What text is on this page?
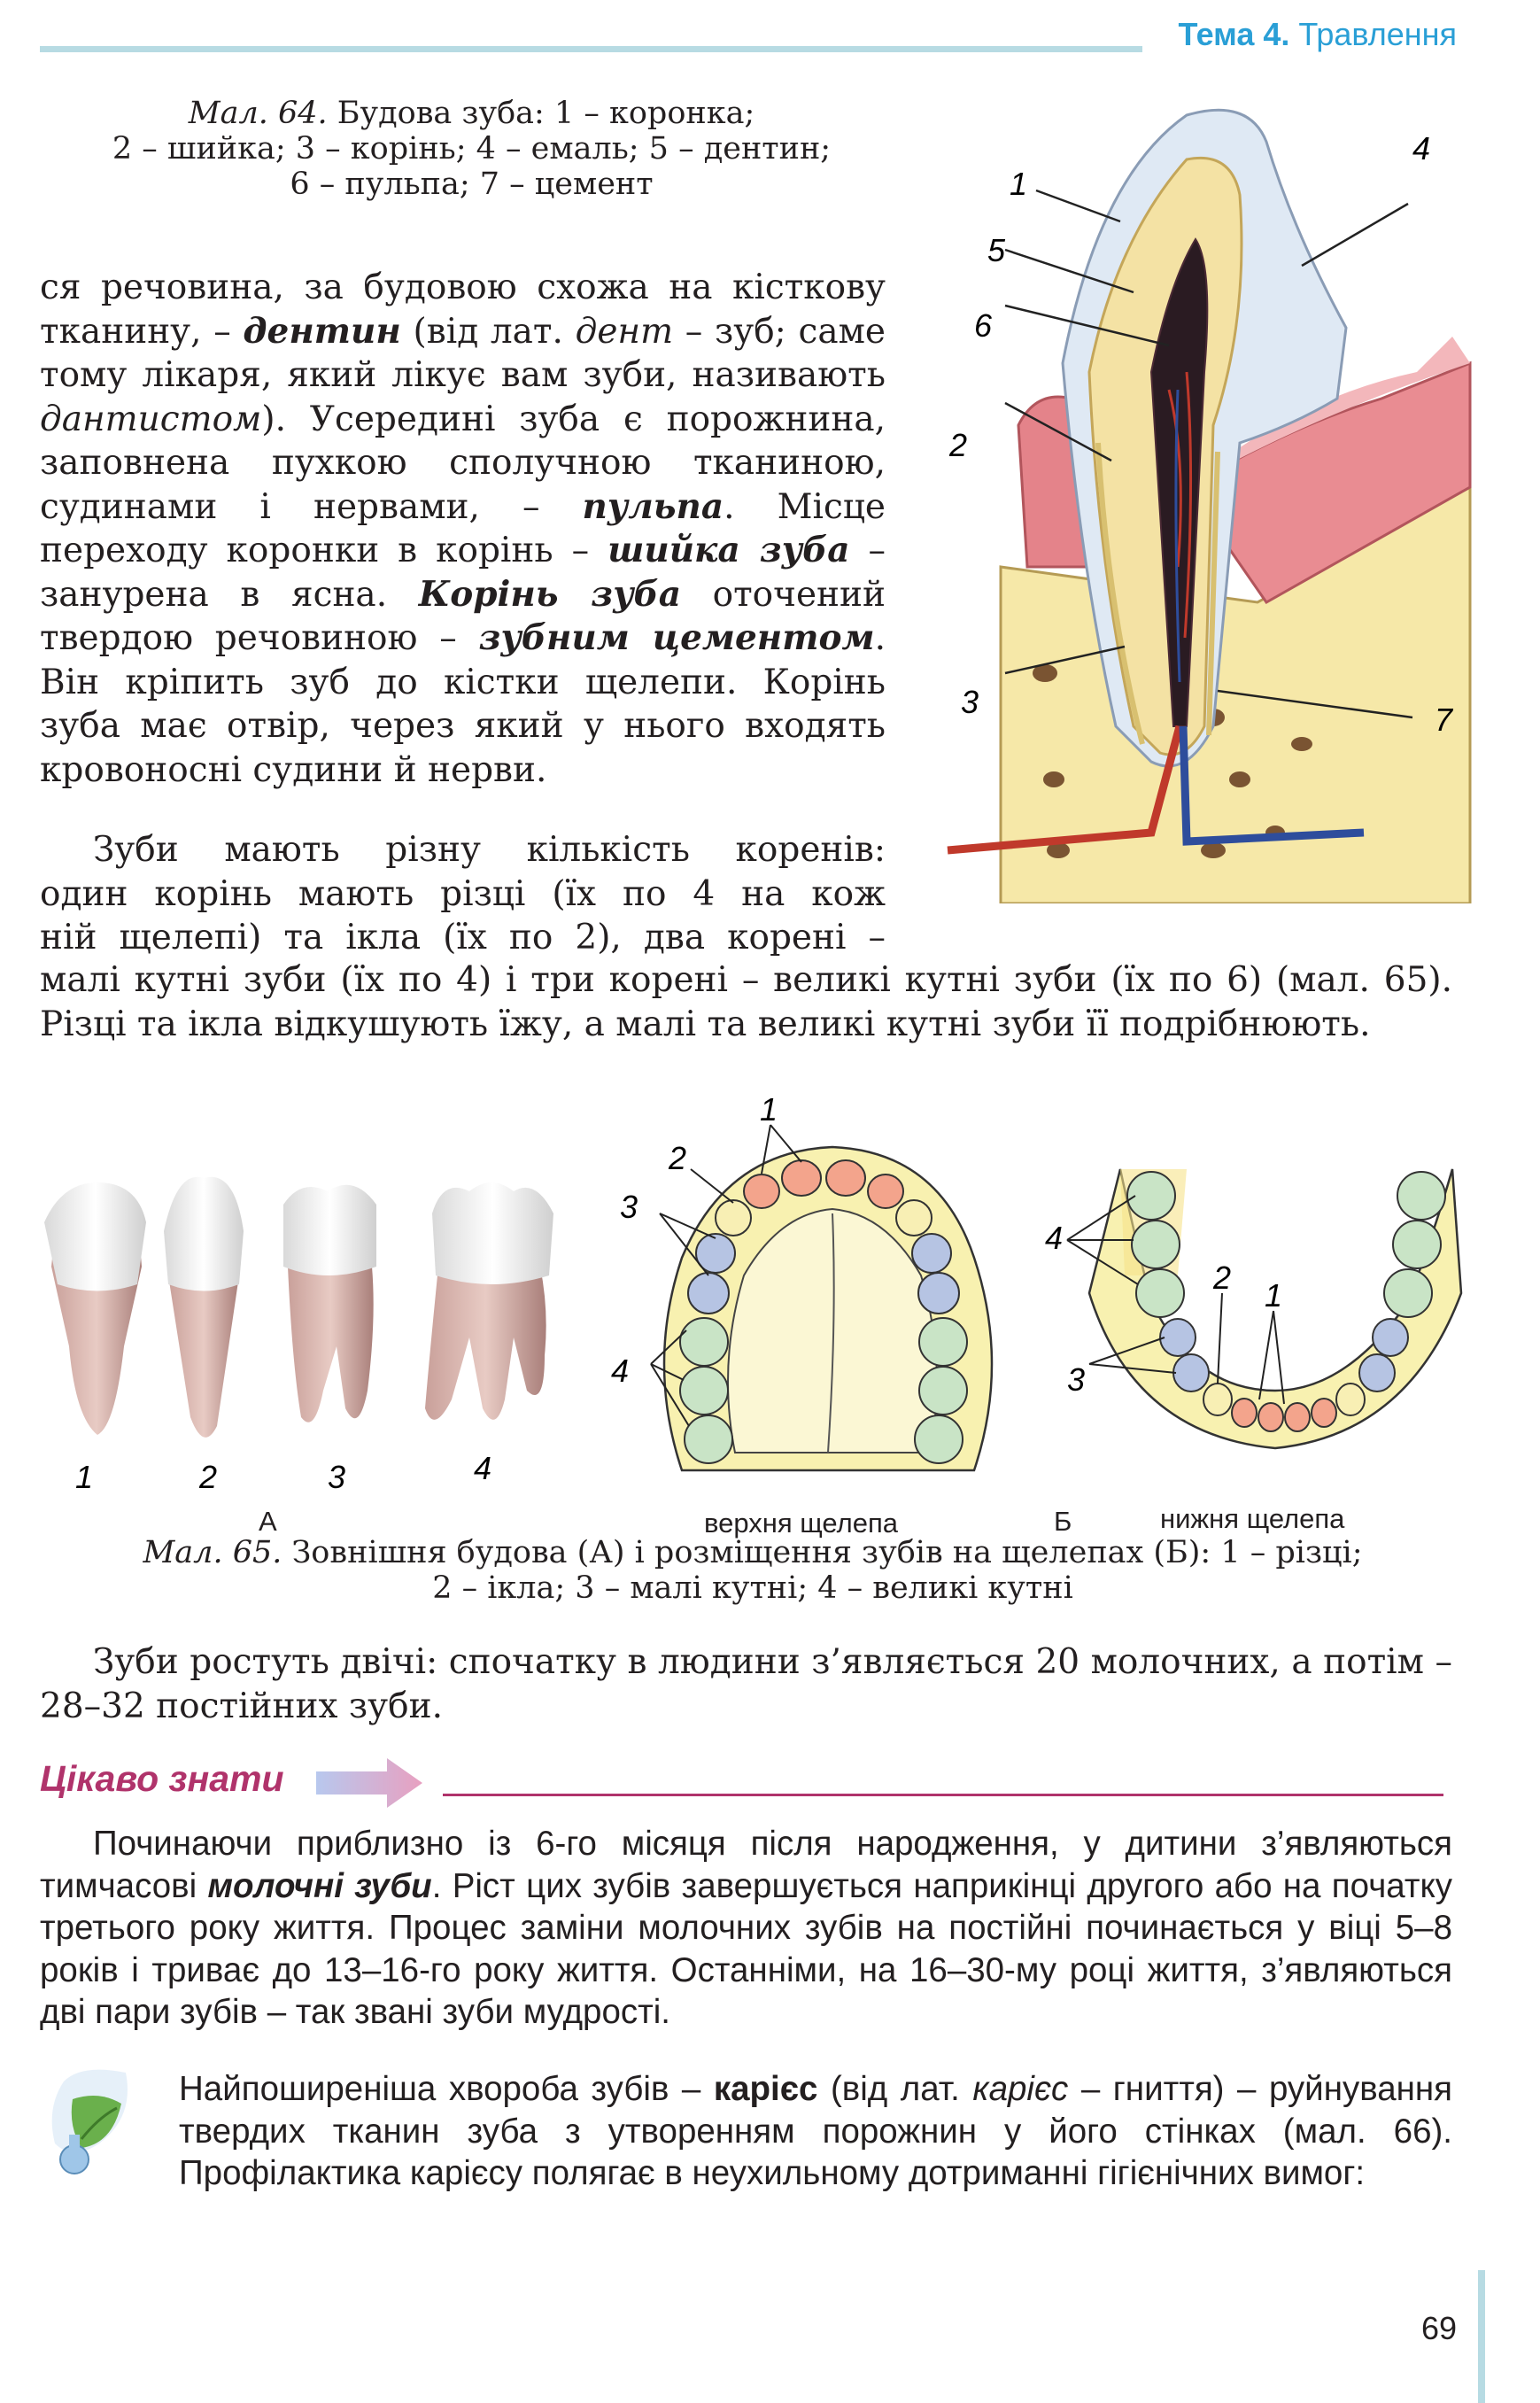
Тема 4. Травлення
Мал. 64. Будова зуба: 1 – коронка;
2 – шийка; 3 – корінь; 4 – емаль; 5 – дентин;
6 – пульпа; 7 – цемент	1
4
5
6
2
3	7

ся речовина, за будовою схожа на кісткову тканину, – дентин (від лат. дент – зуб; саме тому лікаря, який лікує вам зуби, називають дантистом). Усередині зуба є порожнина, заповнена пухкою сполучною тканиною, судинами і нервами, – пульпа. Місце переходу коронки в корінь – шийка зуба – занурена в ясна. Корінь зуба оточений твердою речовиною – зубним цементом. Він кріпить зуб до кістки щелепи. Корінь зуба має отвір, через який у нього входять кровоносні судини й нерви.

Зуби мають різну кількість коренів:

один корінь мають різці (їх по 4 на кож

ній щелепі) та ікла (їх по 2), два корені –

малі кутні зуби (їх по 4) і три корені – великі кутні зуби (їх по 6) (мал. 65). Різці та ікла відкушують їжу, а малі та великі кутні зуби її подрібнюють.

1	2	3	4
А
1
2
3
4
верхня щелепа	Б
4
2 1
3
нижня щелепа
Мал. 65. Зовнішня будова (А) і розміщення зубів на щелепах (Б): 1 – різці;
2 – ікла; 3 – малі кутні; 4 – великі кутні

Зуби ростуть двічі: спочатку в людини з’являється 20 молочних, а потім – 28–32 постійних зуби.

Цікаво знати

Починаючи приблизно із 6-го місяця після народження, у дитини з’являються тимчасові молочні зуби. Ріст цих зубів завершується наприкінці другого або на початку третього року життя. Процес заміни молочних зубів на постійні починається у віці 5–8 років і триває до 13–16-го року життя. Останніми, на 16–30-му році життя, з’являються дві пари зубів – так звані зуби мудрості.

Найпоширеніша хвороба зубів – карієс (від лат. карієс – гниття) – руйнування твердих тканин зуба з утворенням порожнин у його стінках (мал. 66). Профілактика карієсу полягає в неухильному дотриманні гігієнічних вимог:

69
